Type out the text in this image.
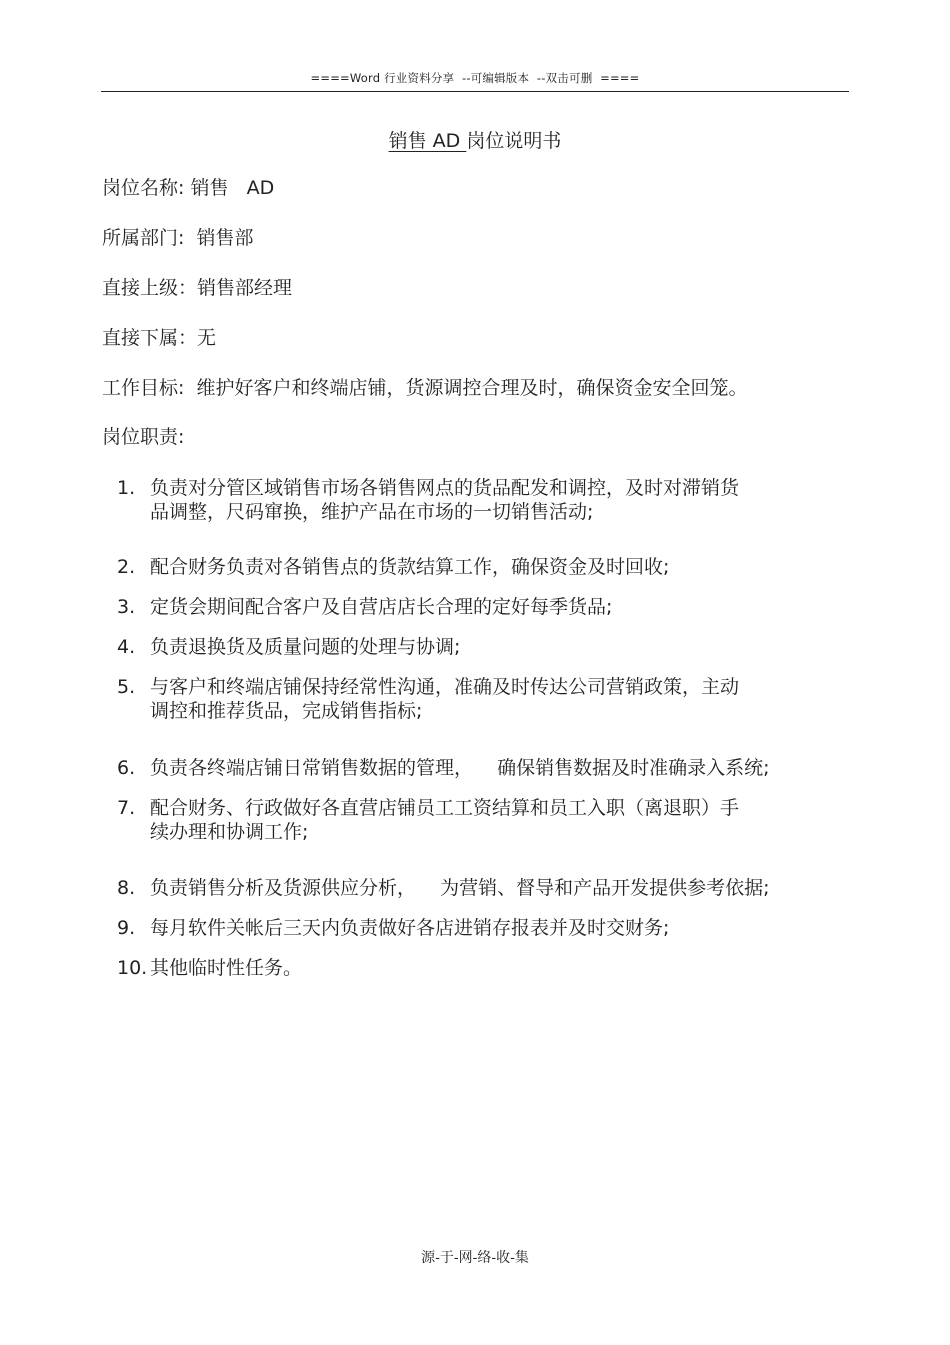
====Word 行业资料分享  --可编辑版本  --双击可删  ====
销售 AD 岗位说明书
岗位名称: 销售   AD
所属部门: 销售部
直接上级：销售部经理
直接下属：无
工作目标: 维护好客户和终端店铺，货源调控合理及时，确保资金安全回笼。
岗位职责:
1. 负责对分管区域销售市场各销售网点的货品配发和调控，及时对滞销货
品调整，尺码窜换，维护产品在市场的一切销售活动;
2. 配合财务负责对各销售点的货款结算工作，确保资金及时回收;
3. 定货会期间配合客户及自营店店长合理的定好每季货品;
4. 负责退换货及质量问题的处理与协调;
5. 与客户和终端店铺保持经常性沟通，准确及时传达公司营销政策，主动
调控和推荐货品，完成销售指标;
6. 负责各终端店铺日常销售数据的管理，    确保销售数据及时准确录入系统;
7. 配合财务、行政做好各直营店铺员工工资结算和员工入职（离退职）手
续办理和协调工作;
8. 负责销售分析及货源供应分析，    为营销、督导和产品开发提供参考依据;
9. 每月软件关帐后三天内负责做好各店进销存报表并及时交财务;
10. 其他临时性任务。
源-于-网-络-收-集
